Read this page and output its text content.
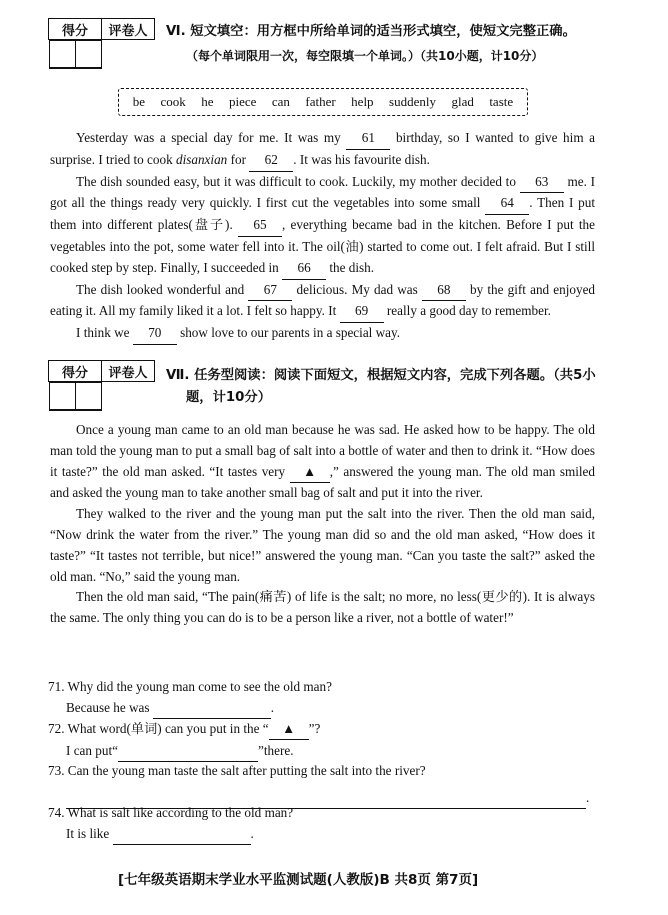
得分	评卷人
	Ⅵ. 短文填空：用方框中所给单词的适当形式填空，使短文完整正确。
（每个单词限用一次，每空限填一个单词。）（共10小题，计10分）
be cook he piece can father help suddenly glad taste

Yesterday was a special day for me. It was my 61 birthday, so I wanted to give him a surprise. I tried to cook disanxian for 62 . It was his favourite dish.

The dish sounded easy, but it was difficult to cook. Luckily, my mother decided to 63 me. I got all the things ready very quickly. I first cut the vegetables into some small 64 . Then I put them into different plates(盘子). 65 , everything became bad in the kitchen. Before I put the vegetables into the pot, some water fell into it. The oil(油) started to come out. I felt afraid. But I still cooked step by step. Finally, I succeeded in 66 the dish.

The dish looked wonderful and 67 delicious. My dad was 68 by the gift and enjoyed eating it. All my family liked it a lot. I felt so happy. It 69 really a good day to remember.

I think we 70 show love to our parents in a special way.

得分	评卷人
	Ⅶ. 任务型阅读：阅读下面短文，根据短文内容，完成下列各题。（共5小
题，计10分）

Once a young man came to an old man because he was sad. He asked how to be happy. The old man told the young man to put a small bag of salt into a bottle of water and then to drink it. “How does it taste?” the old man asked. “It tastes very ▲ ,” answered the young man. The old man smiled and asked the young man to take another small bag of salt and put it into the river.

They walked to the river and the young man put the salt into the river. Then the old man said, “Now drink the water from the river.” The young man did so and the old man asked, “How does it taste?” “It tastes not terrible, but nice!” answered the young man. “Can you taste the salt?” asked the old man. “No,” said the young man.

Then the old man said, “The pain(痛苦) of life is the salt; no more, no less(更少的). It is always the same. The only thing you can do is to be a person like a river, not a bottle of water!”

71. Why did the young man come to see the old man?
Because he was	.
72. What word(单词) can you put in the “ ▲ ”?
I can put“	”there.
73. Can the young man taste the salt after putting the salt into the river?
.
74. What is salt like according to the old man?
It is like	.
[七年级英语期末学业水平监测试题(人教版)B 共8页 第7页]
